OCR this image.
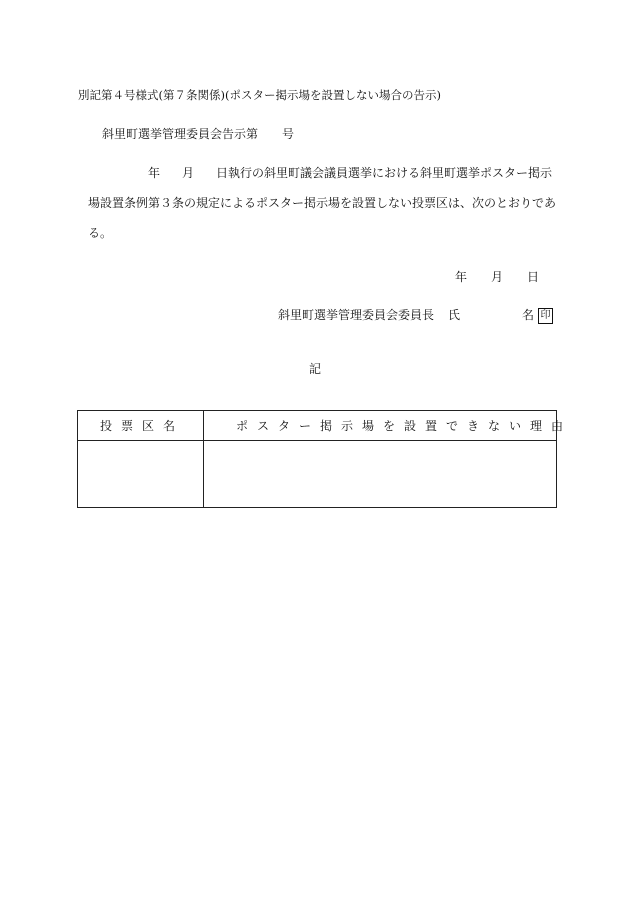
別記第４号様式(第７条関係)(ポスター掲示場を設置しない場合の告示)
斜里町選挙管理委員会告示第 号
年 月 日執行の斜里町議会議員選挙における斜里町選挙ポスター掲示
場設置条例第３条の規定によるポスター掲示場を設置しない投票区は、次のとおりであ
る。
年 月 日
斜里町選挙管理委員会委員長 氏	名 印
記
投票区名	ポスター掲示場を設置できない理由
